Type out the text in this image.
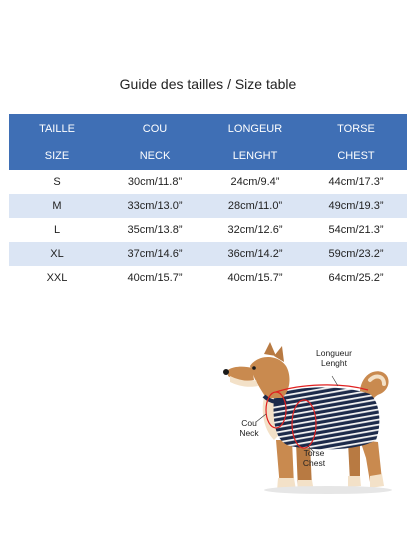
Guide des tailles / Size table
TAILLE	COU	LONGEUR	TORSE
SIZE	NECK	LENGHT	CHEST
S	30cm/11.8”	24cm/9.4”	44cm/17.3”
M	33cm/13.0”	28cm/11.0”	49cm/19.3”
L	35cm/13.8”	32cm/12.6”	54cm/21.3”
XL	37cm/14.6”	36cm/14.2”	59cm/23.2”
XXL	40cm/15.7”	40cm/15.7”	64cm/25.2”
Longueur
Lenght
Cou
Neck
Torse
Chest
